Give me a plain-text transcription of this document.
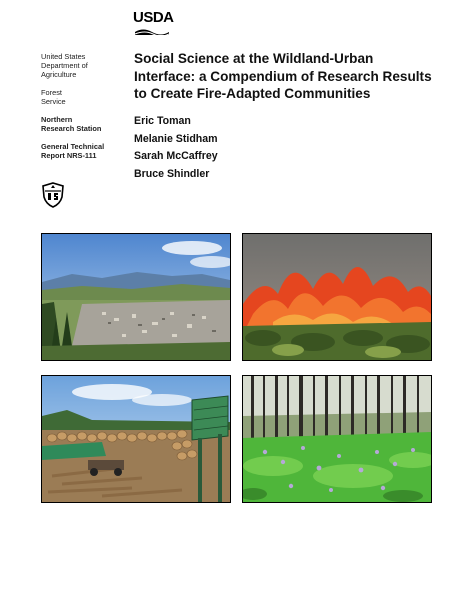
USDA
United States
Department of
Agriculture
Forest
Service
Northern
Research Station
General Technical
Report NRS-111
Social Science at the Wildland-Urban Interface: a Compendium of Research Results to Create Fire-Adapted Communities
Eric Toman
Melanie Stidham
Sarah McCaffrey
Bruce Shindler
